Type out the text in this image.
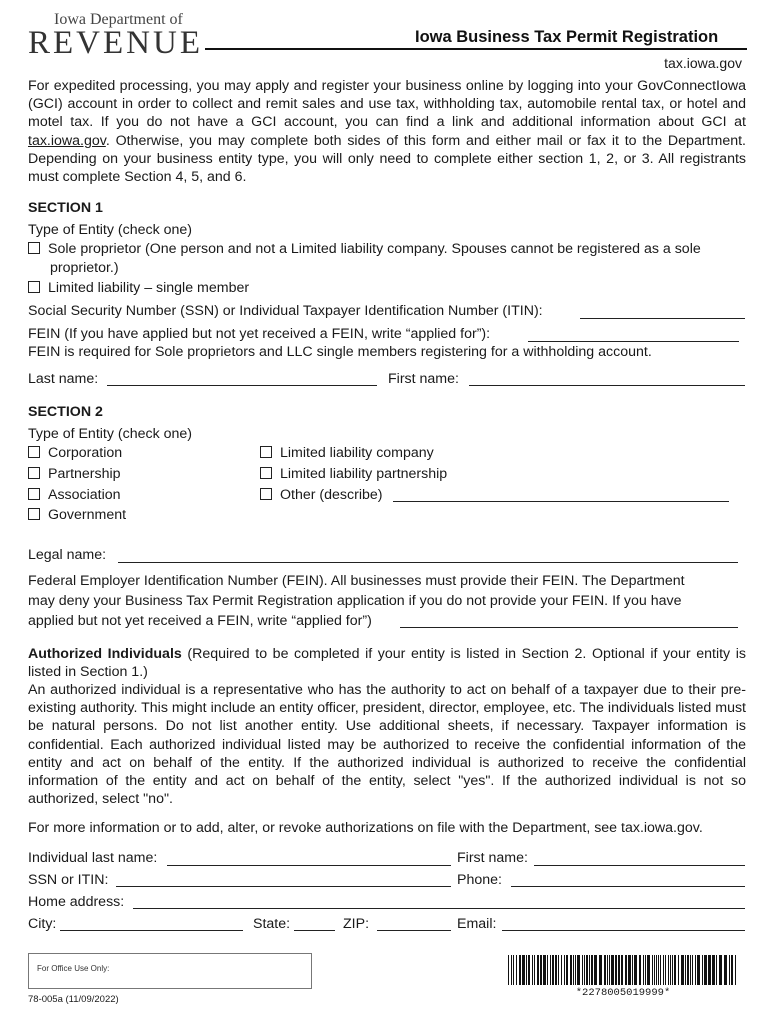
Iowa Department of
REVENUE	Iowa Business Tax Permit Registration
tax.iowa.gov
For expedited processing, you may apply and register your business online by logging into your GovConnectIowa (GCI) account in order to collect and remit sales and use tax, withholding tax, automobile rental tax, or hotel and motel tax. If you do not have a GCI account, you can find a link and additional information about GCI at tax.iowa.gov. Otherwise, you may complete both sides of this form and either mail or fax it to the Department. Depending on your business entity type, you will only need to complete either section 1, 2, or 3. All registrants must complete Section 4, 5, and 6.
SECTION 1
Type of Entity (check one)
Sole proprietor (One person and not a Limited liability company. Spouses cannot be registered as a sole
proprietor.)
Limited liability – single member
Social Security Number (SSN) or Individual Taxpayer Identification Number (ITIN):
FEIN (If you have applied but not yet received a FEIN, write “applied for”):
FEIN is required for Sole proprietors and LLC single members registering for a withholding account.
Last name:	First name:
SECTION 2
Type of Entity (check one)
Corporation
Partnership
Association
Government
Limited liability company
Limited liability partnership
Other (describe)
Legal name:
Federal Employer Identification Number (FEIN). All businesses must provide their FEIN. The Department
may deny your Business Tax Permit Registration application if you do not provide your FEIN. If you have
applied but not yet received a FEIN, write “applied for”)
Authorized Individuals (Required to be completed if your entity is listed in Section 2. Optional if your entity is listed in Section 1.)
An authorized individual is a representative who has the authority to act on behalf of a taxpayer due to their pre-existing authority. This might include an entity officer, president, director, employee, etc. The individuals listed must be natural persons. Do not list another entity. Use additional sheets, if necessary. Taxpayer information is confidential. Each authorized individual listed may be authorized to receive the confidential information of the entity and act on behalf of the entity. If the authorized individual is authorized to receive the confidential information of the entity and act on behalf of the entity, select "yes". If the authorized individual is not so authorized, select "no".
For more information or to add, alter, or revoke authorizations on file with the Department, see tax.iowa.gov.
Individual last name:	First name:
SSN or ITIN:	Phone:
Home address:
City:	State:	ZIP:	Email:
For Office Use Only:
78-005a (11/09/2022)
*2278005019999*
